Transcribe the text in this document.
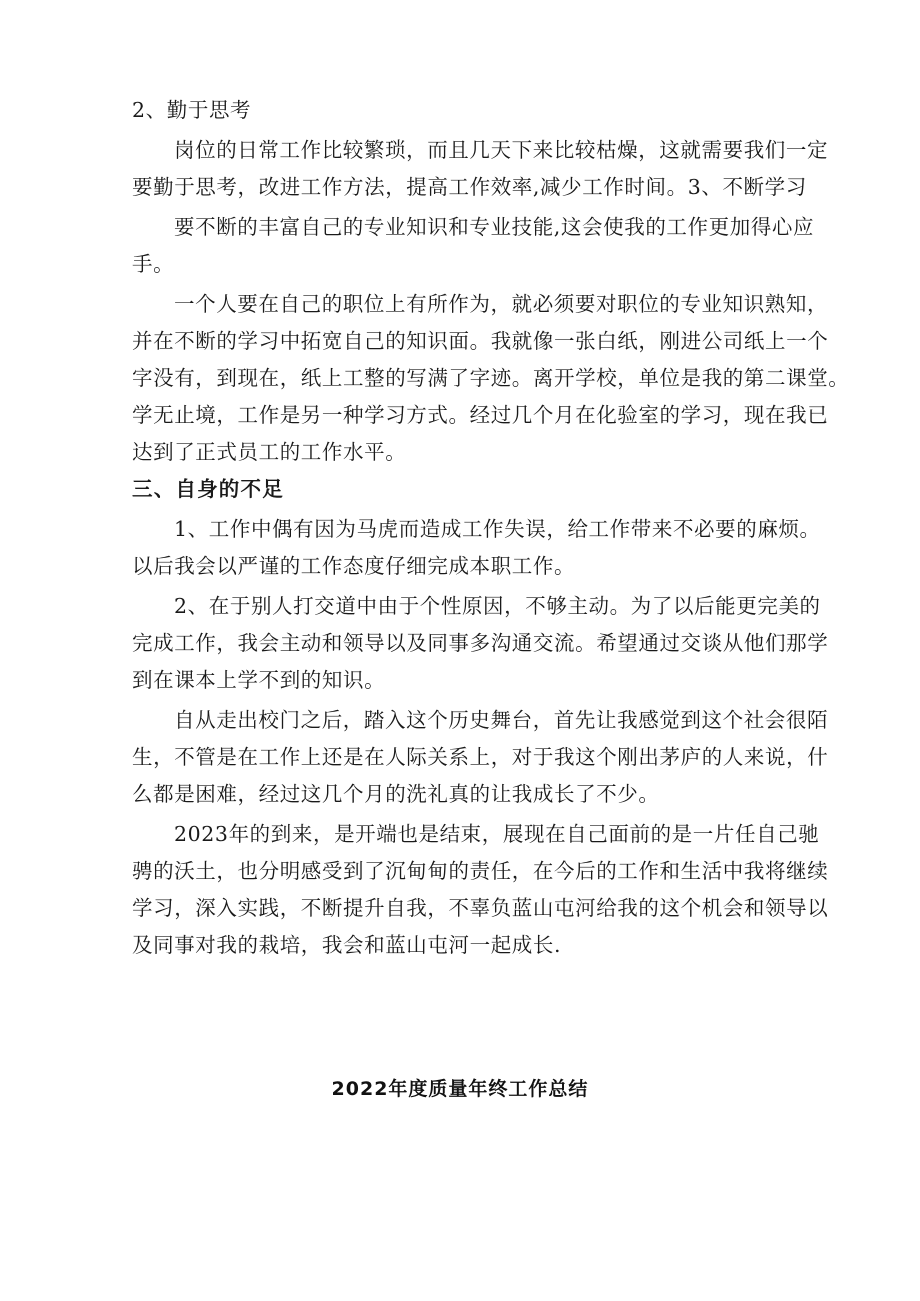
2、勤于思考

岗位的日常工作比较繁琐，而且几天下来比较枯燥，这就需要我们一定
要勤于思考，改进工作方法，提高工作效率,减少工作时间。3、不断学习
要不断的丰富自己的专业知识和专业技能,这会使我的工作更加得心应
手。
一个人要在自己的职位上有所作为，就必须要对职位的专业知识熟知，
并在不断的学习中拓宽自己的知识面。我就像一张白纸，刚进公司纸上一个
字没有，到现在，纸上工整的写满了字迹。离开学校，单位是我的第二课堂。
学无止境，工作是另一种学习方式。经过几个月在化验室的学习，现在我已
达到了正式员工的工作水平。

三、自身的不足

1、工作中偶有因为马虎而造成工作失误，给工作带来不必要的麻烦。
以后我会以严谨的工作态度仔细完成本职工作。
2、在于别人打交道中由于个性原因，不够主动。为了以后能更完美的
完成工作，我会主动和领导以及同事多沟通交流。希望通过交谈从他们那学
到在课本上学不到的知识。
自从走出校门之后，踏入这个历史舞台，首先让我感觉到这个社会很陌
生，不管是在工作上还是在人际关系上，对于我这个刚出茅庐的人来说，什
么都是困难，经过这几个月的洗礼真的让我成长了不少。
2023年的到来，是开端也是结束，展现在自己面前的是一片任自己驰
骋的沃土，也分明感受到了沉甸甸的责任，在今后的工作和生活中我将继续
学习，深入实践，不断提升自我，不辜负蓝山屯河给我的这个机会和领导以
及同事对我的栽培，我会和蓝山屯河一起成长.
2022年度质量年终工作总结
